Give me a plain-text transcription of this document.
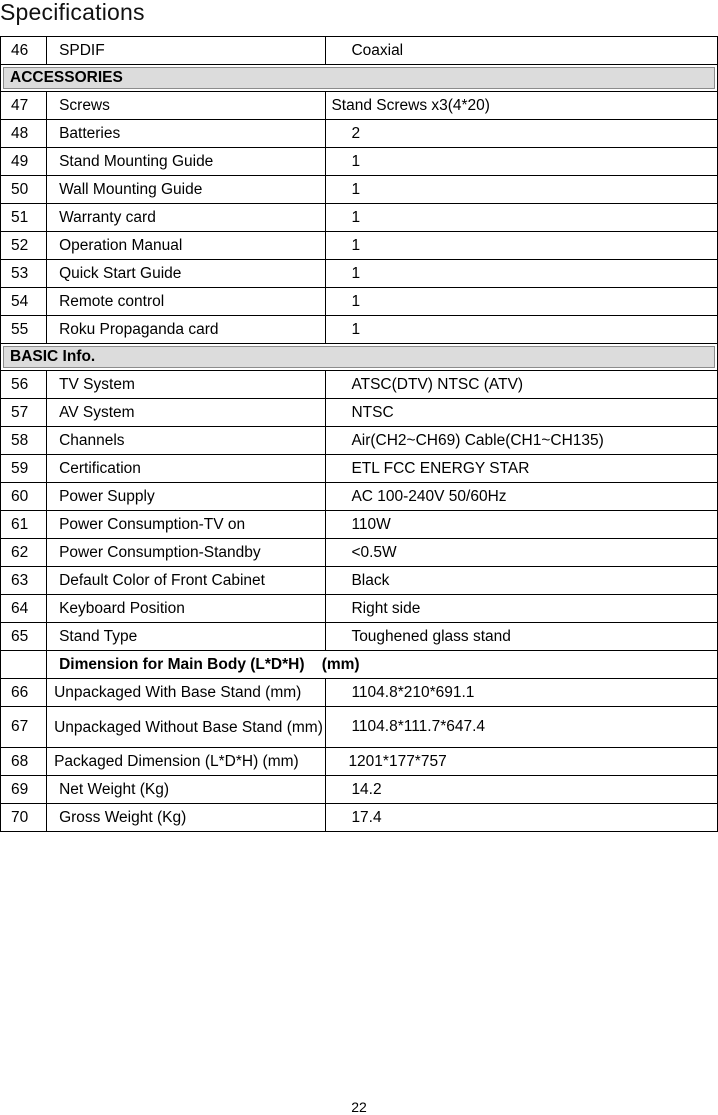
Specifications
46	SPDIF	Coaxial
ACCESSORIES		
47	Screws	Stand Screws x3(4*20)
48	Batteries	2
49	Stand Mounting Guide	1
50	Wall Mounting Guide	1
51	Warranty card	1
52	Operation Manual	1
53	Quick Start Guide	1
54	Remote control	1
55	Roku Propaganda card	1
BASIC Info.		
56	TV System	ATSC(DTV) NTSC (ATV)
57	AV System	NTSC
58	Channels	Air(CH2~CH69) Cable(CH1~CH135)
59	Certification	ETL FCC ENERGY STAR
60	Power Supply	AC 100-240V 50/60Hz
61	Power Consumption-TV on	110W
62	Power Consumption-Standby	<0.5W
63	Default Color of Front Cabinet	Black
64	Keyboard Position	Right side
65	Stand Type	Toughened glass stand
	Dimension for Main Body (L*D*H)    (mm)	
66	Unpackaged With Base Stand (mm)	1104.8*210*691.1
67	Unpackaged Without Base Stand (mm)	1104.8*111.7*647.4
68	Packaged Dimension (L*D*H) (mm)	1201*177*757
69	Net Weight (Kg)	14.2
70	Gross Weight (Kg)	17.4
22
